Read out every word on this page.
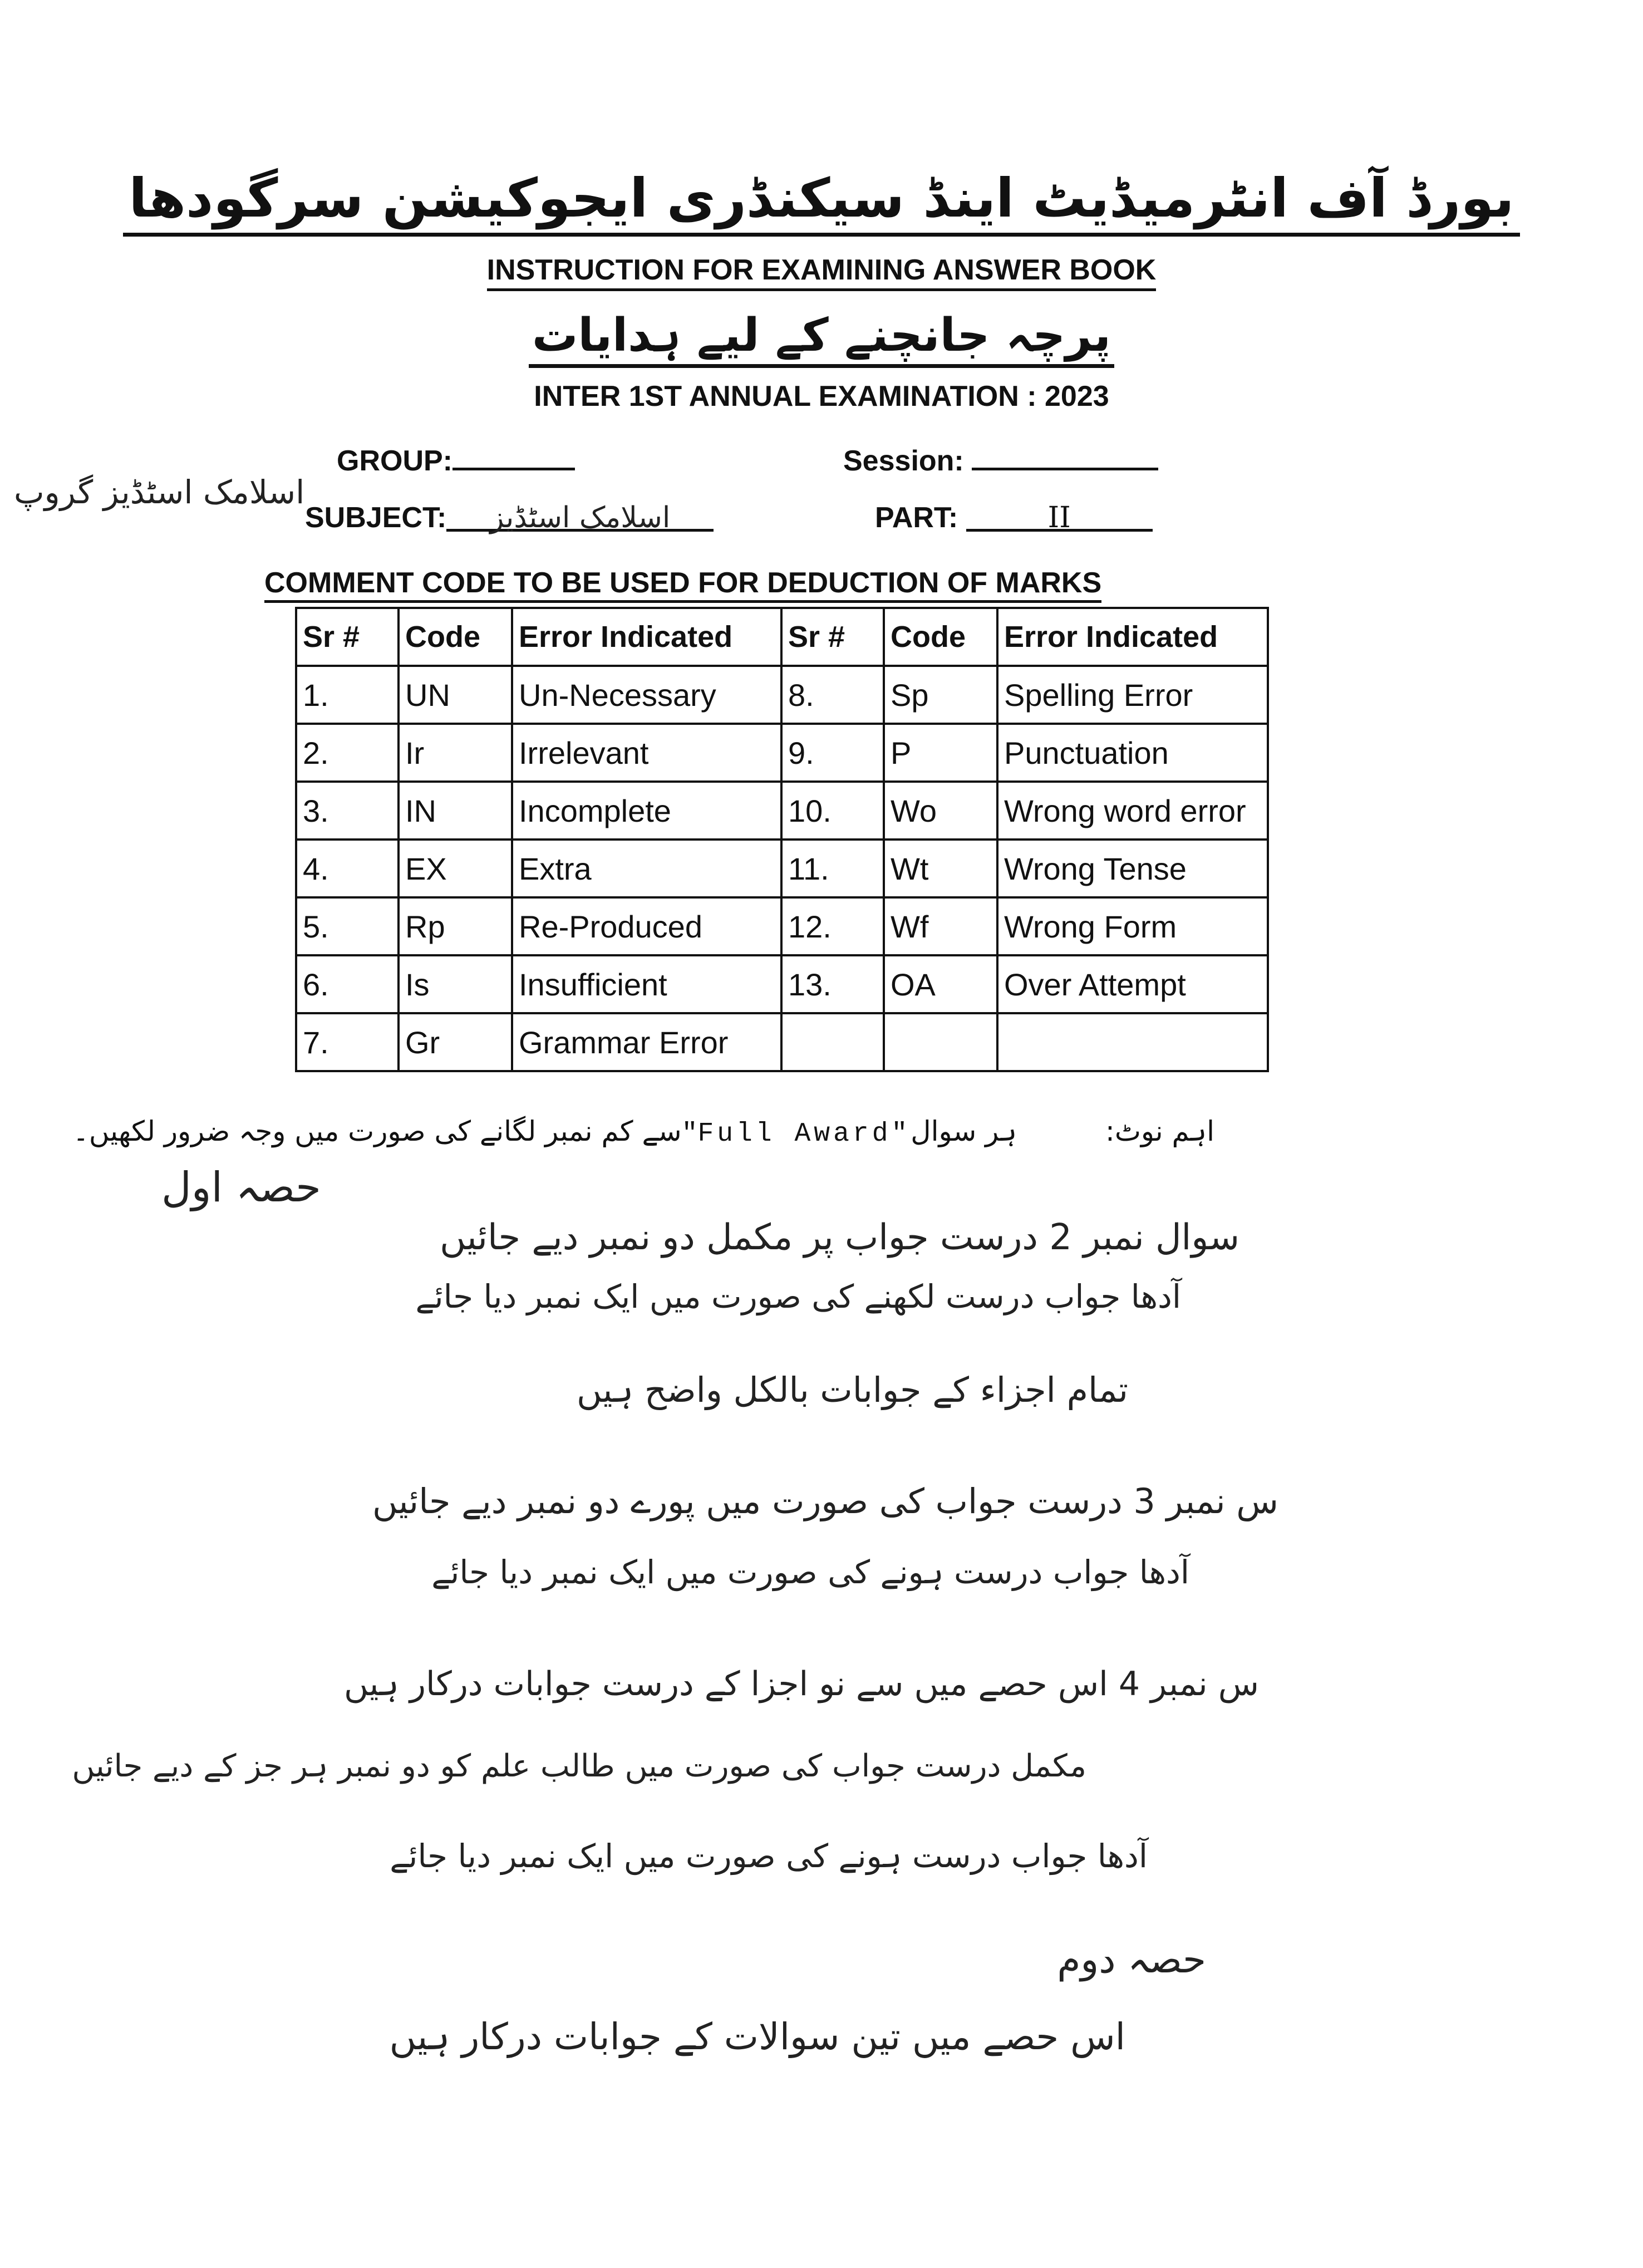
بورڈ آف انٹرمیڈیٹ اینڈ سیکنڈری ایجوکیشن سرگودھا
INSTRUCTION FOR EXAMINING ANSWER BOOK
پرچہ جانچنے کے لیے ہدایات
INTER 1ST ANNUAL EXAMINATION : 2023
اسلامک اسٹڈیز گروپ
GROUP:	Session:
SUBJECT: اسلامک اسٹڈیز	PART:	II
COMMENT CODE TO BE USED FOR DEDUCTION OF MARKS
Sr #	Code	Error Indicated	Sr #	Code	Error Indicated
1.	UN	Un-Necessary	8.	Sp	Spelling Error
2.	Ir	Irrelevant	9.	P	Punctuation
3.	IN	Incomplete	10.	Wo	Wrong word error
4.	EX	Extra	11.	Wt	Wrong Tense
5.	Rp	Re-Produced	12.	Wf	Wrong Form
6.	Is	Insufficient	13.	OA	Over Attempt
7.	Gr	Grammar Error			
اہم نوٹ:          ہر سوال"Full Award"سے کم نمبر لگانے کی صورت میں وجہ ضرور لکھیں۔
حصہ اول
سوال نمبر 2 درست جواب پر مکمل دو نمبر دیے جائیں
آدھا جواب درست لکھنے کی صورت میں ایک نمبر دیا جائے
تمام اجزاء کے جوابات بالکل واضح ہیں
س نمبر 3 درست جواب کی صورت میں پورے دو نمبر دیے جائیں
آدھا جواب درست ہونے کی صورت میں ایک نمبر دیا جائے
س نمبر 4 اس حصے میں سے نو اجزا کے درست جوابات درکار ہیں
مکمل درست جواب کی صورت میں طالب علم کو دو نمبر ہر جز کے دیے جائیں
آدھا جواب درست ہونے کی صورت میں ایک نمبر دیا جائے
حصہ دوم
اس حصے میں تین سوالات کے جوابات درکار ہیں
